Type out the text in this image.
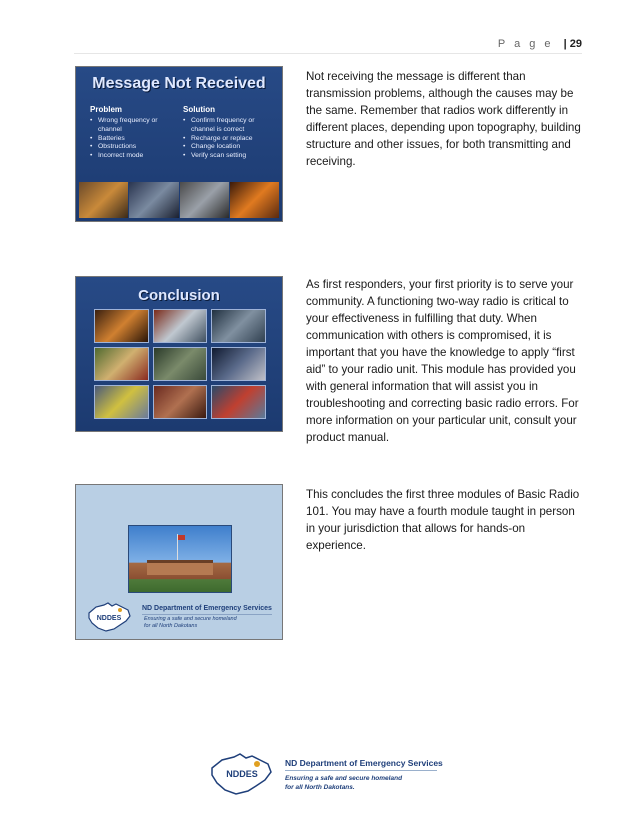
P a g e | 29
Message Not Received
Problem
• Wrong frequency or channel
• Batteries
• Obstructions
• Incorrect mode
Solution
• Confirm frequency or channel is correct
• Recharge or replace
• Change location
• Verify scan setting

Not receiving the message is different than transmission problems, although the causes may be the same. Remember that radios work differently in different places, depending upon topography, building structure and other issues, for both transmitting and receiving.

Conclusion

As first responders, your first priority is to serve your community. A functioning two-way radio is critical to your effectiveness in fulfilling that duty. When communication with others is compromised, it is important that you have the knowledge to apply “first aid” to your radio unit. This module has provided you with general information that will assist you in troubleshooting and correcting basic radio errors. For more information on your particular unit, consult your product manual.

NDDES
ND Department of Emergency Services
Ensuring a safe and secure homeland
for all North Dakotans

This concludes the first three modules of Basic Radio 101. You may have a fourth module taught in person in your jurisdiction that allows for hands-on experience.

NDDES
ND Department of Emergency Services
Ensuring a safe and secure homeland
for all North Dakotans.
